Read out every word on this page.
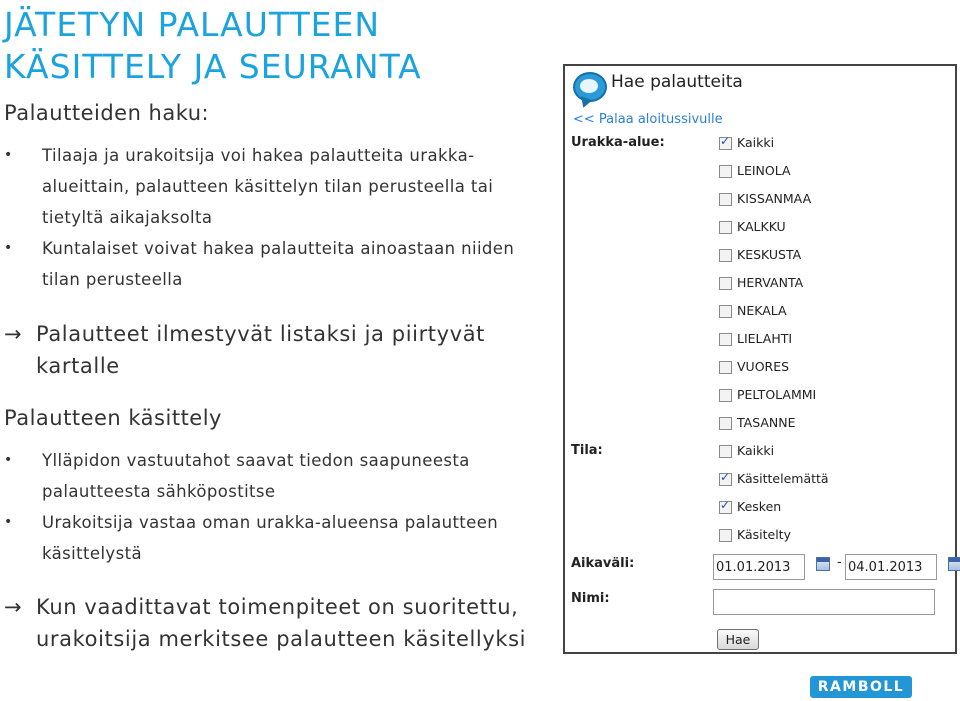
JÄTETYN PALAUTTEEN KÄSITTELY JA SEURANTA
Palautteiden haku:
• Tilaaja ja urakoitsija voi hakea palautteita urakka-alueittain, palautteen käsittelyn tilan perusteella tai tietyltä aikajaksolta
• Kuntalaiset voivat hakea palautteita ainoastaan niiden tilan perusteella
→ Palautteet ilmestyvät listaksi ja piirtyvät kartalle
Palautteen käsittely
• Ylläpidon vastuutahot saavat tiedon saapuneesta palautteesta sähköpostitse
• Urakoitsija vastaa oman urakka-alueensa palautteen käsittelystä
→ Kun vaadittavat toimenpiteet on suoritettu, urakoitsija merkitsee palautteen käsitellyksi
Hae palautteita
<< Palaa aloitussivulle
Urakka-alue:
✓	Kaikki
LEINOLA
KISSANMAA
KALKKU
KESKUSTA
HERVANTA
NEKALA
LIELAHTI
VUORES
PELTOLAMMI
TASANNE
Tila:	Kaikki
✓
Käsittelemättä
✓
Kesken
Käsitelty
Aikaväli:
01.01.2013	-
04.01.2013
Nimi:
Hae
RAMBOLL
